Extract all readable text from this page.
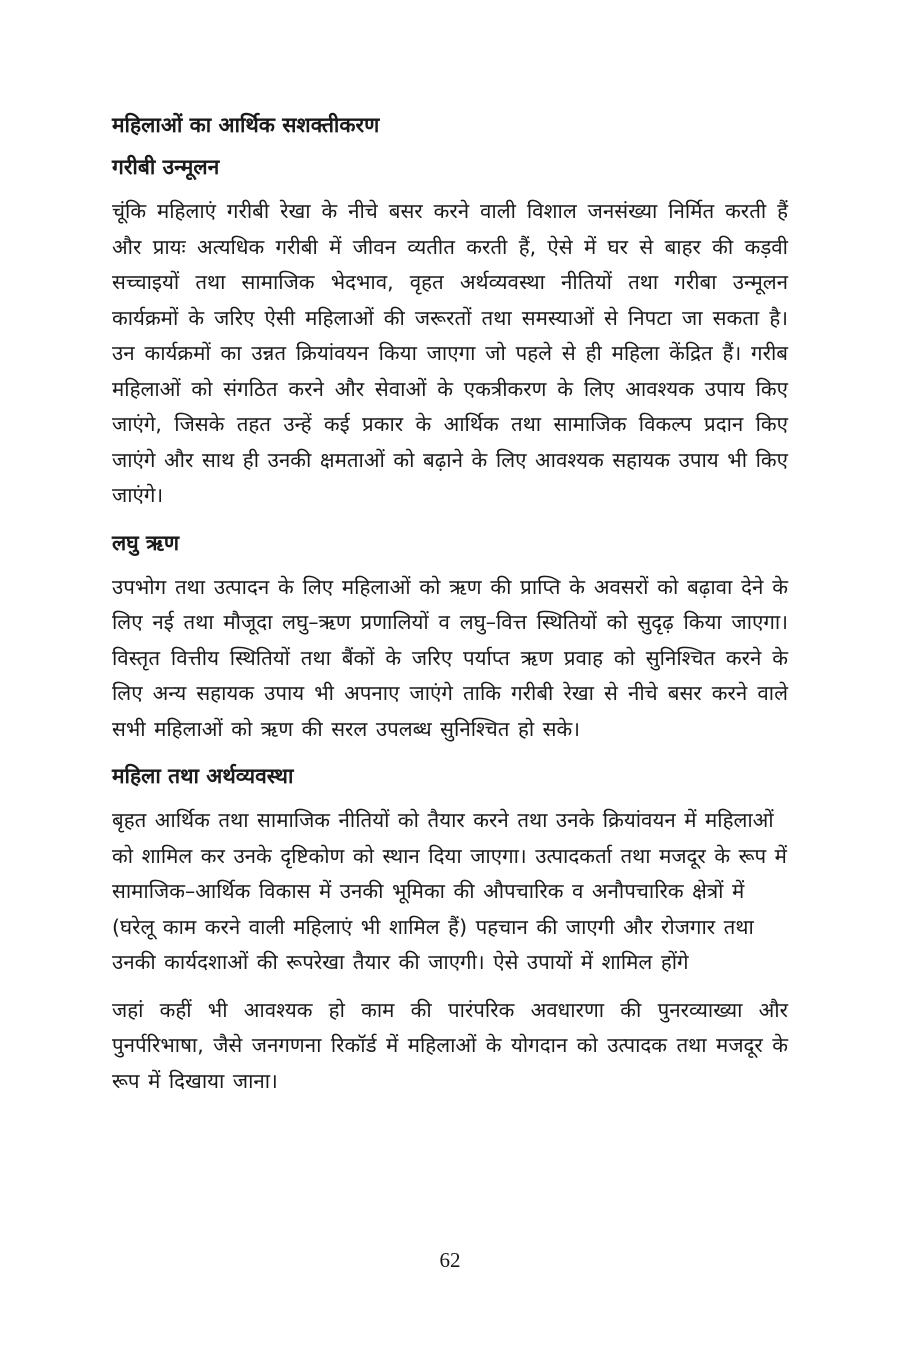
महिलाओं का आर्थिक सशक्तीकरण
गरीबी उन्मूलन

चूंकि महिलाएं गरीबी रेखा के नीचे बसर करने वाली विशाल जनसंख्या निर्मित करती हैं और प्रायः अत्यधिक गरीबी में जीवन व्यतीत करती हैं, ऐसे में घर से बाहर की कड़वी सच्चाइयों तथा सामाजिक भेदभाव, वृहत अर्थव्यवस्था नीतियों तथा गरीबा उन्मूलन कार्यक्रमों के जरिए ऐसी महिलाओं की जरूरतों तथा समस्याओं से निपटा जा सकता है। उन कार्यक्रमों का उन्नत क्रियांवयन किया जाएगा जो पहले से ही महिला केंद्रित हैं। गरीब महिलाओं को संगठित करने और सेवाओं के एकत्रीकरण के लिए आवश्यक उपाय किए जाएंगे, जिसके तहत उन्हें कई प्रकार के आर्थिक तथा सामाजिक विकल्प प्रदान किए जाएंगे और साथ ही उनकी क्षमताओं को बढ़ाने के लिए आवश्यक सहायक उपाय भी किए जाएंगे।

लघु ऋण

उपभोग तथा उत्पादन के लिए महिलाओं को ऋण की प्राप्ति के अवसरों को बढ़ावा देने के लिए नई तथा मौजूदा लघु–ऋण प्रणालियों व लघु–वित्त स्थितियों को सुदृढ़ किया जाएगा। विस्तृत वित्तीय स्थितियों तथा बैंकों के जरिए पर्याप्त ऋण प्रवाह को सुनिश्चित करने के लिए अन्य सहायक उपाय भी अपनाए जाएंगे ताकि गरीबी रेखा से नीचे बसर करने वाले सभी महिलाओं को ऋण की सरल उपलब्ध सुनिश्चित हो सके।

महिला तथा अर्थव्यवस्था

बृहत आर्थिक तथा सामाजिक नीतियों को तैयार करने तथा उनके क्रियांवयन में महिलाओं को शामिल कर उनके दृष्टिकोण को स्थान दिया जाएगा। उत्पादकर्ता तथा मजदूर के रूप में सामाजिक–आर्थिक विकास में उनकी भूमिका की औपचारिक व अनौपचारिक क्षेत्रों में (घरेलू काम करने वाली महिलाएं भी शामिल हैं) पहचान की जाएगी और रोजगार तथा उनकी कार्यदशाओं की रूपरेखा तैयार की जाएगी। ऐसे उपायों में शामिल होंगे

जहां कहीं भी आवश्यक हो काम की पारंपरिक अवधारणा की पुनरव्याख्या और पुनर्परिभाषा, जैसे जनगणना रिकॉर्ड में महिलाओं के योगदान को उत्पादक तथा मजदूर के रूप में दिखाया जाना।

62
